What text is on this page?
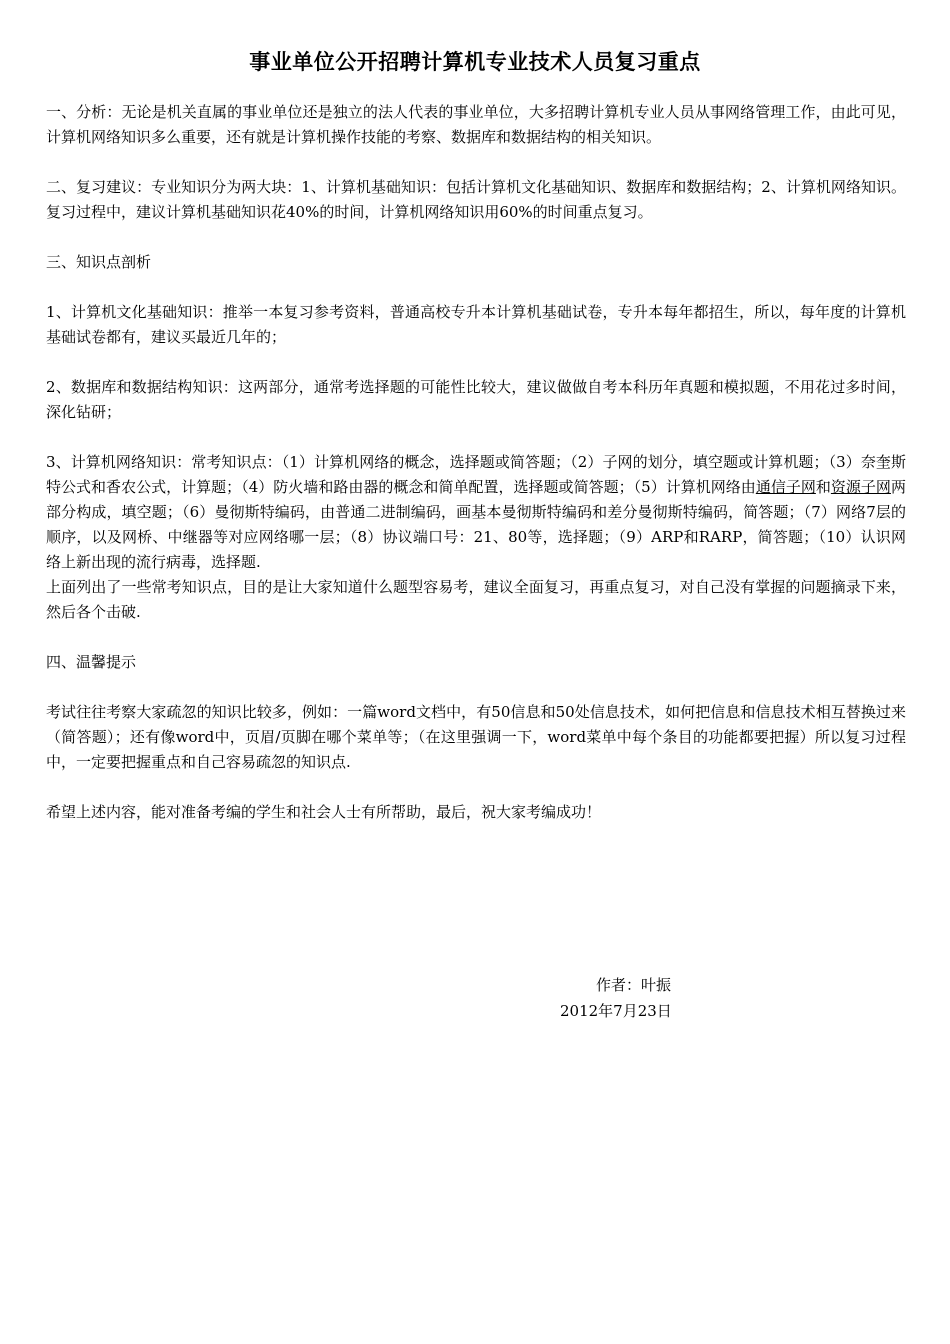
事业单位公开招聘计算机专业技术人员复习重点

一、分析：无论是机关直属的事业单位还是独立的法人代表的事业单位，大多招聘计算机专业人员从事网络管理工作，由此可见，计算机网络知识多么重要，还有就是计算机操作技能的考察、数据库和数据结构的相关知识。

二、复习建议：专业知识分为两大块：1、计算机基础知识：包括计算机文化基础知识、数据库和数据结构；2、计算机网络知识。复习过程中，建议计算机基础知识花40%的时间，计算机网络知识用60%的时间重点复习。

三、知识点剖析

1、计算机文化基础知识：推举一本复习参考资料，普通高校专升本计算机基础试卷，专升本每年都招生，所以，每年度的计算机基础试卷都有，建议买最近几年的；

2、数据库和数据结构知识：这两部分，通常考选择题的可能性比较大，建议做做自考本科历年真题和模拟题，不用花过多时间，深化钻研；

3、计算机网络知识：常考知识点：（1）计算机网络的概念，选择题或简答题；（2）子网的划分，填空题或计算机题；（3）奈奎斯特公式和香农公式，计算题；（4）防火墙和路由器的概念和简单配置，选择题或简答题；（5）计算机网络由通信子网和资源子网两部分构成，填空题；（6）曼彻斯特编码，由普通二进制编码，画基本曼彻斯特编码和差分曼彻斯特编码，简答题；（7）网络7层的顺序，以及网桥、中继器等对应网络哪一层；（8）协议端口号：21、80等，选择题；（9）ARP和RARP，简答题；（10）认识网络上新出现的流行病毒，选择题.

上面列出了一些常考知识点，目的是让大家知道什么题型容易考，建议全面复习，再重点复习，对自己没有掌握的问题摘录下来，然后各个击破.

四、温馨提示

考试往往考察大家疏忽的知识比较多，例如：一篇word文档中，有50信息和50处信息技术，如何把信息和信息技术相互替换过来（简答题）；还有像word中，页眉/页脚在哪个菜单等；（在这里强调一下，word菜单中每个条目的功能都要把握）所以复习过程中，一定要把握重点和自己容易疏忽的知识点.

希望上述内容，能对准备考编的学生和社会人士有所帮助，最后，祝大家考编成功！

作者：叶振
2012年7月23日
